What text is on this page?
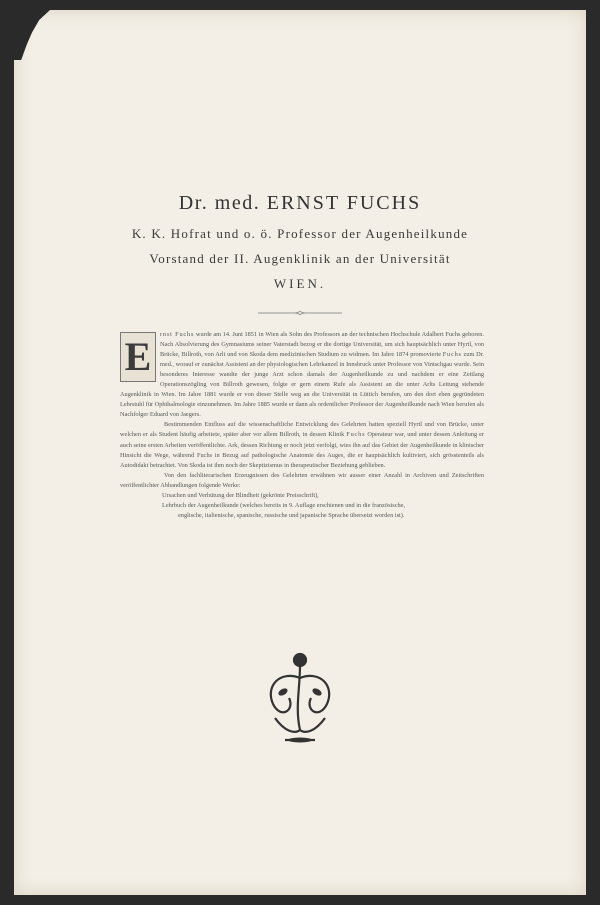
Dr. med. ERNST FUCHS
K. K. Hofrat und o. ö. Professor der Augenheilkunde
Vorstand der II. Augenklinik an der Universität
WIEN.
E	rnst Fuchs wurde am 14. Juni 1851 in Wien als Sohn des Professors an der technischen Hochschule Adalbert Fuchs geboren. Nach Absolvierung des Gymnasiums seiner Vaterstadt bezog er die dortige Universität, um sich hauptsächlich unter Hyrtl, von Brücke, Billroth, von Arlt und von Skoda dem medizinischen Studium zu widmen. Im Jahre 1874 promovierte Fuchs zum Dr. med., worauf er zunächst Assistent an der physiologischen Lehrkanzel in Innsbruck unter Professor von Vintschgau wurde. Sein besonderes Interesse wandte der junge Arzt schon damals der Augenheilkunde zu und nachdem er eine Zeitlang Operationszögling von Billroth gewesen, folgte er gern einem Rufe als Assistent an die unter Arlts Leitung stehende Augenklinik in Wien. Im Jahre 1881 wurde er von dieser Stelle weg an die Universität in Lüttich berufen, um den dort eben gegründeten Lehrstuhl für Ophthalmologie einzunehmen. Im Jahre 1885 wurde er dann als ordentlicher Professor der Augenheilkunde nach Wien berufen als Nachfolger Eduard von Jaegers.

Bestimmenden Einfluss auf die wissenschaftliche Entwicklung des Gelehrten hatten speziell Hyrtl und von Brücke, unter welchen er als Student häufig arbeitete, später aber vor allem Billroth, in dessen Klinik Fuchs Operateur war, und unter dessen Anleitung er auch seine ersten Arbeiten veröffentlichte. Ark, dessen Richtung er noch jetzt verfolgt, wies ihn auf das Gebiet der Augenheilkunde in klinischer Hinsicht die Wege, während Fuchs in Bezug auf pathologische Anatomie des Auges, die er hauptsächlich kultiviert, sich grösstenteils als Autodidakt betrachtet. Von Skoda ist ihm noch der Skeptizismus in therapeutischer Beziehung geblieben.

Von den fachliterarischen Erzeugnissen des Gelehrten erwähnen wir ausser einer Anzahl in Archiven und Zeitschriften veröffentlichter Abhandlungen folgende Werke:

Ursachen und Verhütung der Blindheit (gekrönte Preisschrift),
Lehrbuch der Augenheilkunde (welches bereits in 9. Auflage erschienen und in die französische,
englische, italienische, spanische, russische und japanische Sprache übersetzt worden ist).
